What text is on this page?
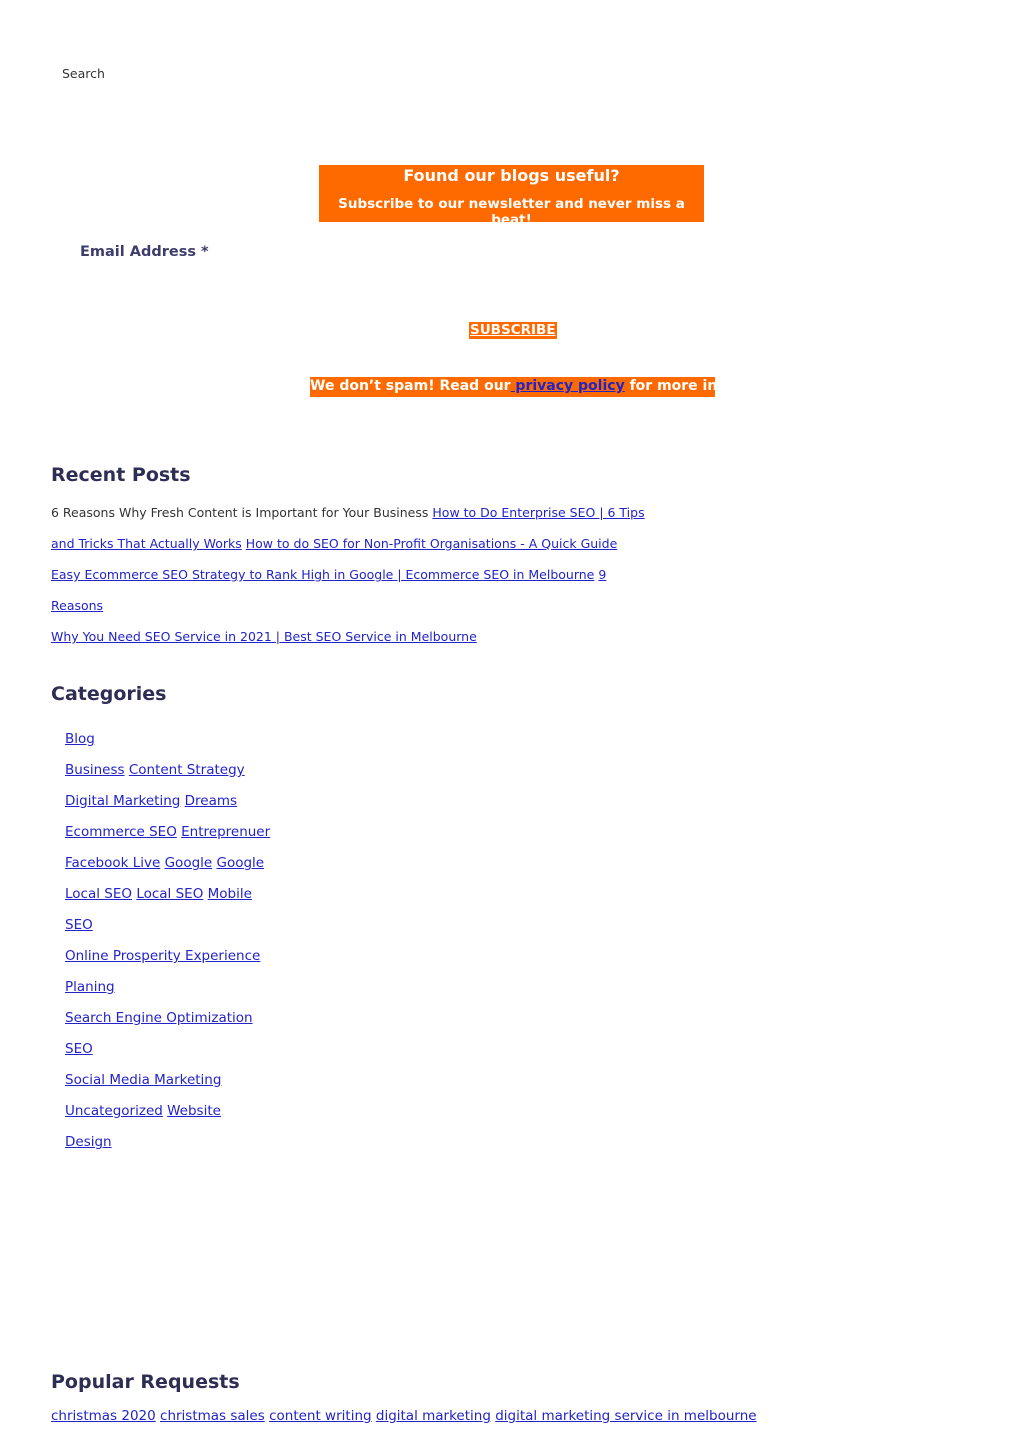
Search
Found our blogs useful?
Subscribe to our newsletter and never miss a beat!
Email Address *
SUBSCRIBE
We don’t spam! Read our privacy policy for more info.
Recent Posts
6 Reasons Why Fresh Content is Important for Your Business How to Do Enterprise SEO | 6 Tips
and Tricks That Actually Works How to do SEO for Non-Profit Organisations - A Quick Guide
Easy Ecommerce SEO Strategy to Rank High in Google | Ecommerce SEO in Melbourne 9 Reasons
Why You Need SEO Service in 2021 | Best SEO Service in Melbourne
Categories
Blog
Business Content Strategy
Digital Marketing Dreams
Ecommerce SEO Entreprenuer
Facebook Live Google Google
Local SEO Local SEO Mobile
SEO
Online Prosperity Experience
Planing
Search Engine Optimization
SEO
Social Media Marketing
Uncategorized Website
Design
Popular Requests
christmas 2020 christmas sales content writing digital marketing digital marketing service in melbourne
